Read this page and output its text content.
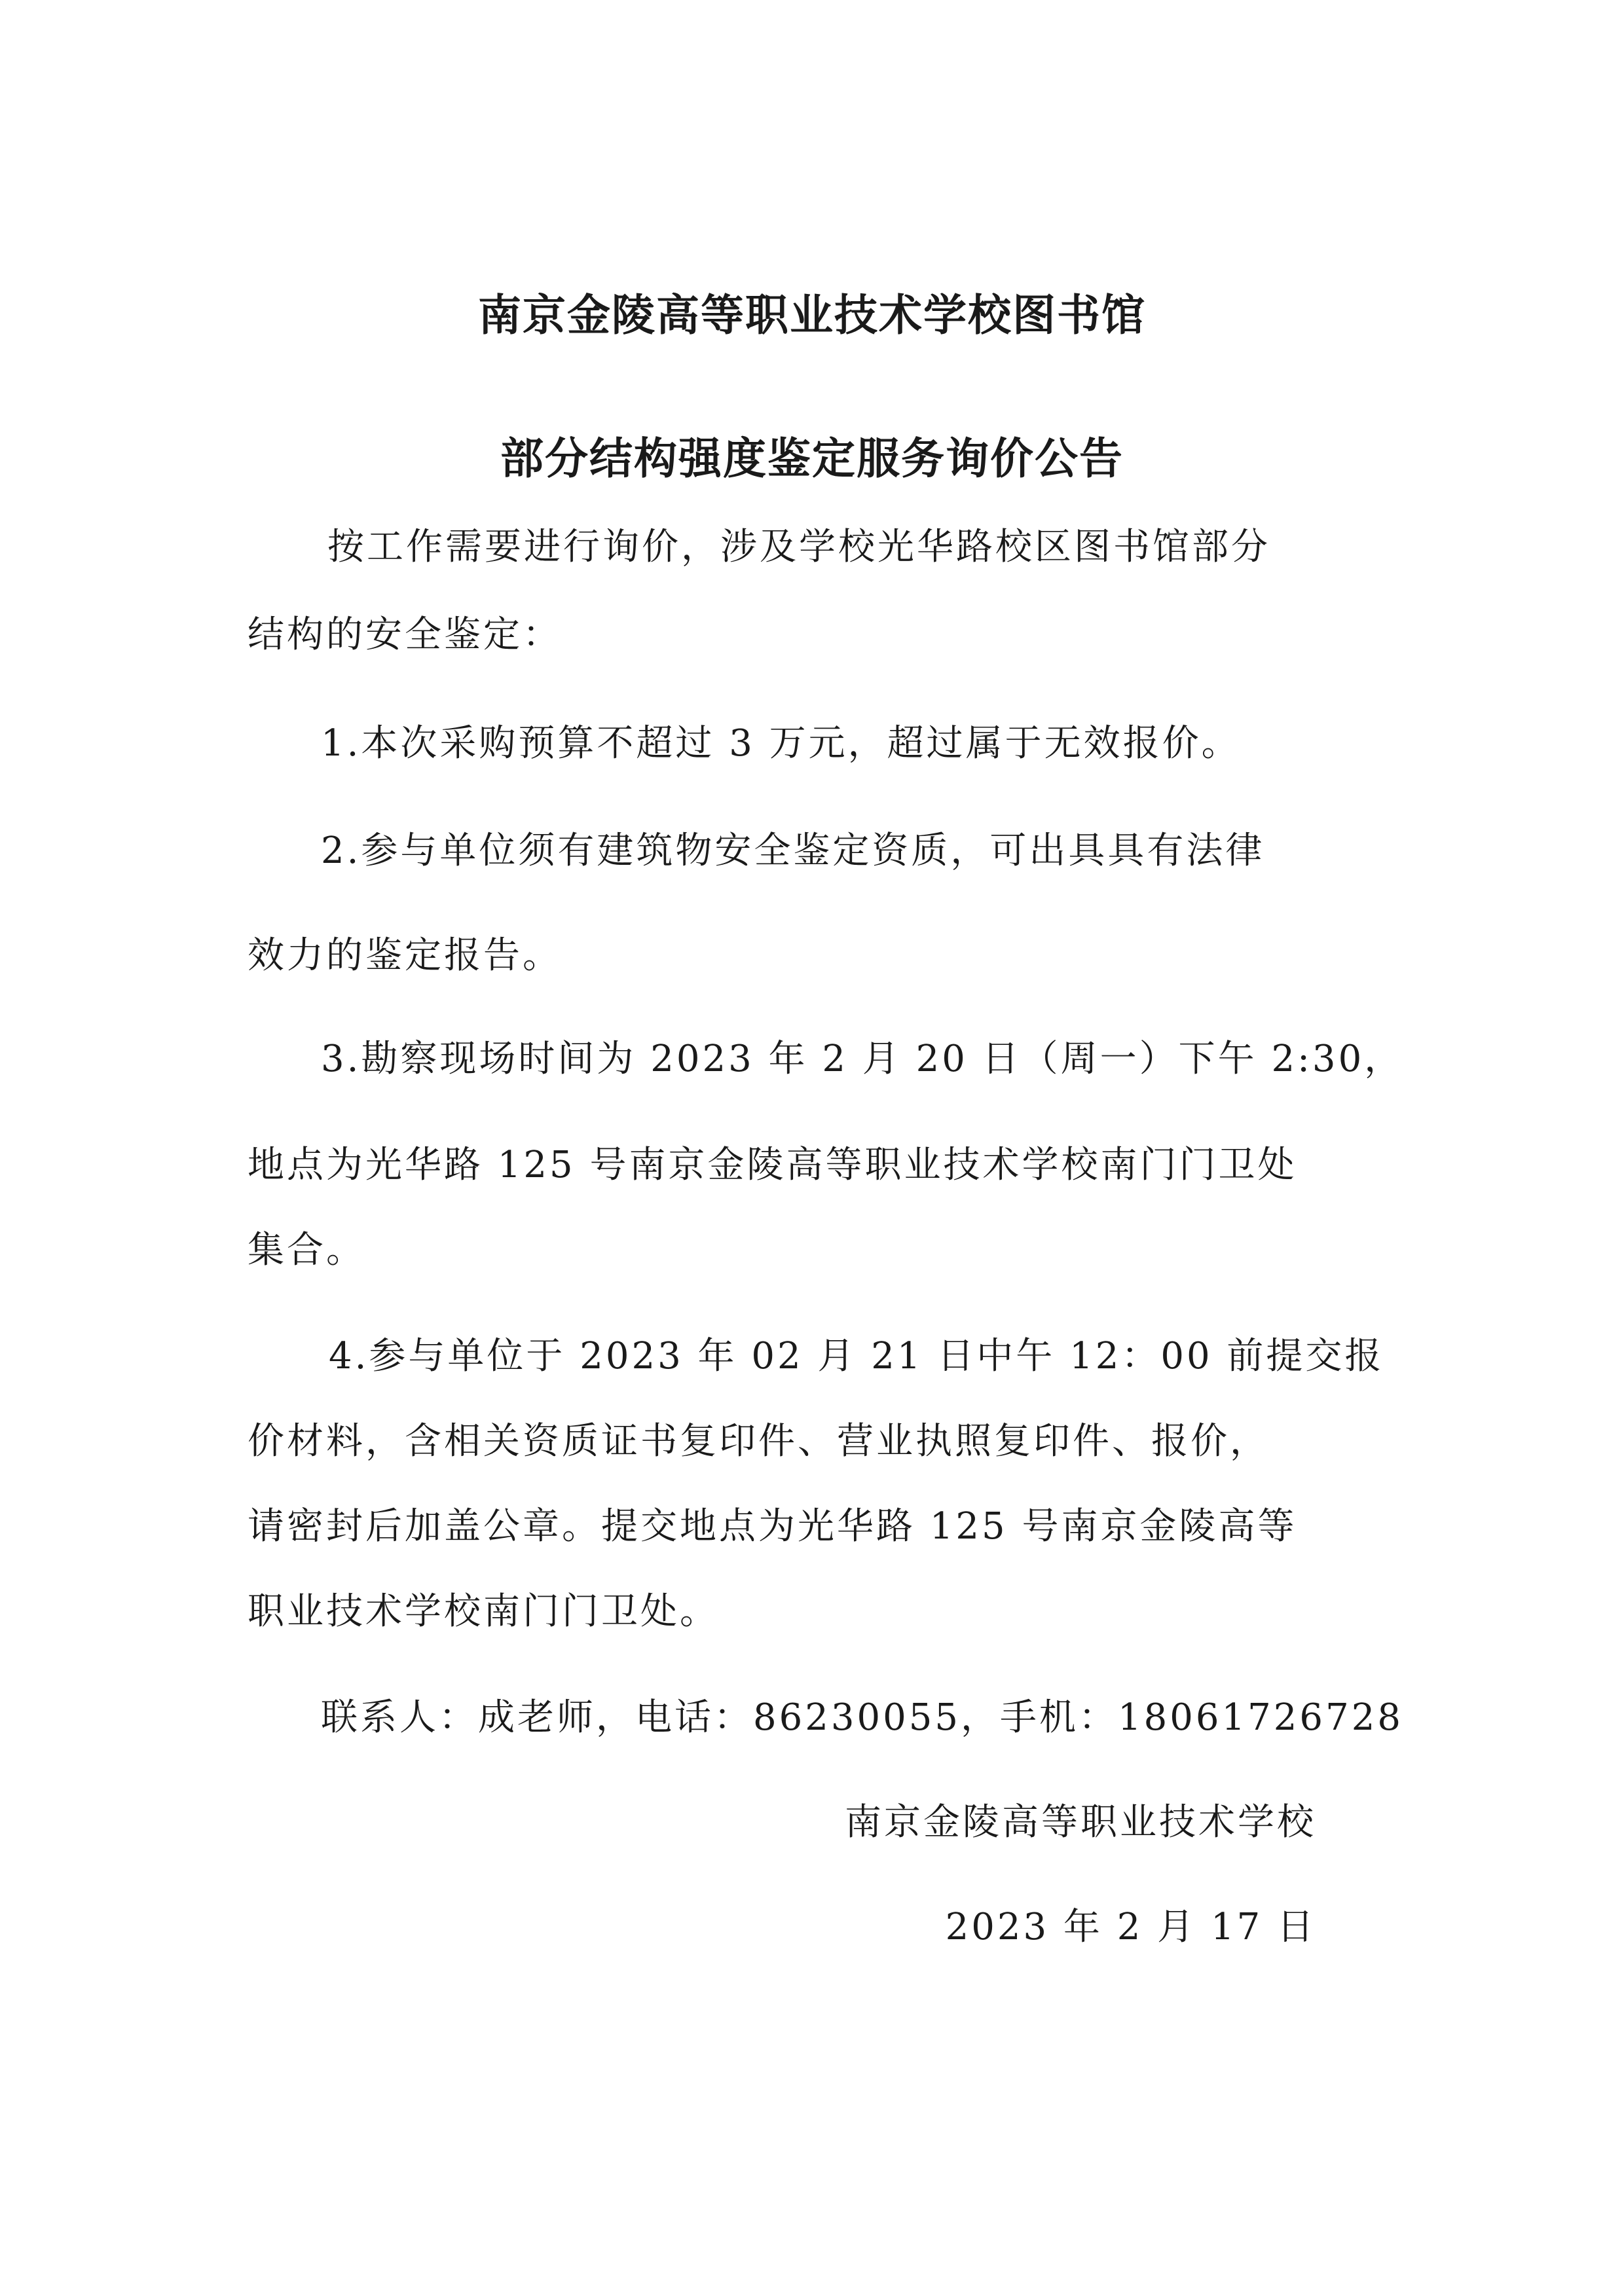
南京金陵高等职业技术学校图书馆
部分结构强度鉴定服务询价公告
按工作需要进行询价，涉及学校光华路校区图书馆部分
结构的安全鉴定：
1.本次采购预算不超过 3 万元，超过属于无效报价。
2.参与单位须有建筑物安全鉴定资质，可出具具有法律
效力的鉴定报告。
3.勘察现场时间为 2023 年 2 月 20 日（周一）下午 2:30，
地点为光华路 125 号南京金陵高等职业技术学校南门门卫处
集合。
4.参与单位于 2023 年 02 月 21 日中午 12：00 前提交报
价材料，含相关资质证书复印件、营业执照复印件、报价，
请密封后加盖公章。提交地点为光华路 125 号南京金陵高等
职业技术学校南门门卫处。
联系人：成老师，电话：86230055，手机：18061726728
南京金陵高等职业技术学校
2023 年 2 月 17 日
